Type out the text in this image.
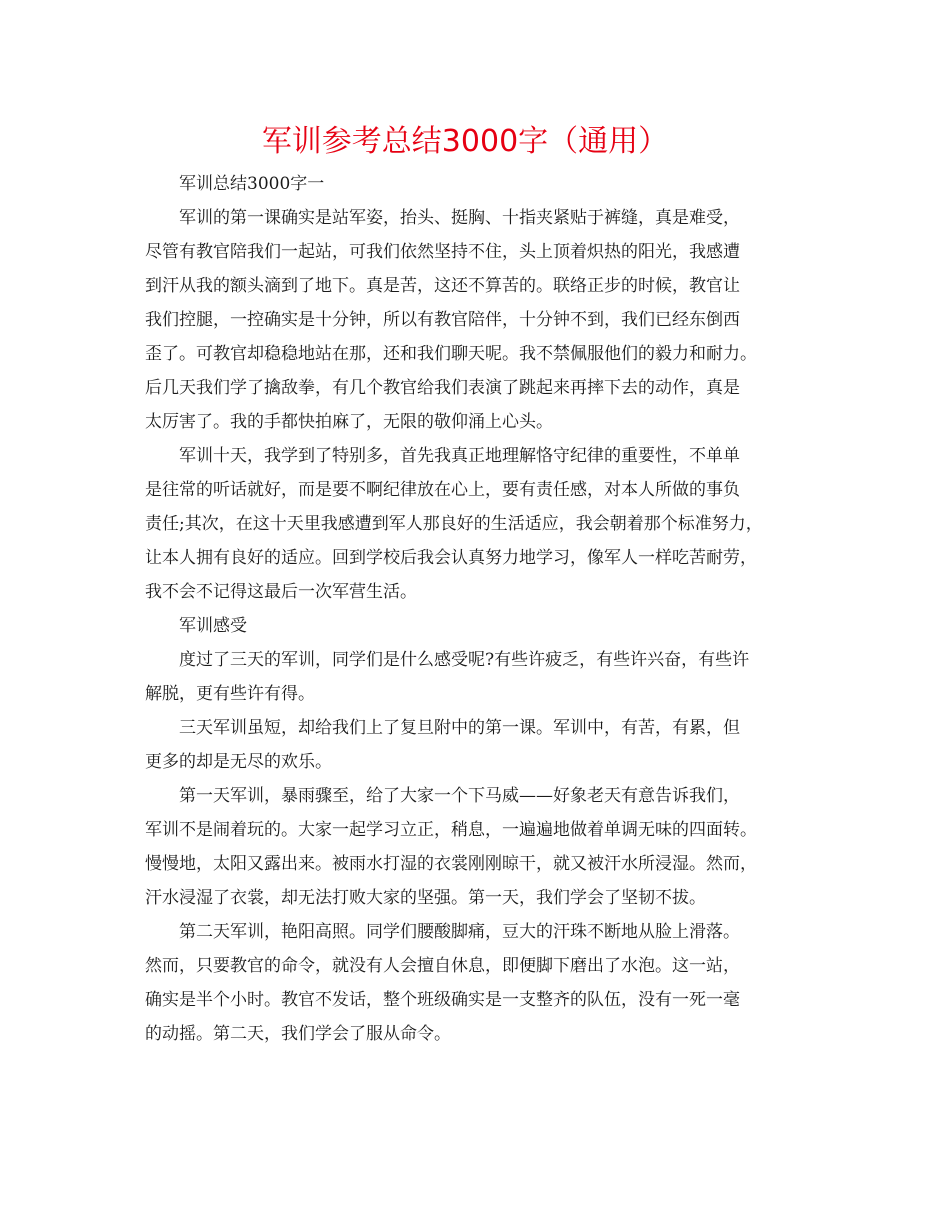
军训参考总结3000字（通用）
军训总结3000字一
军训的第一课确实是站军姿，抬头、挺胸、十指夹紧贴于裤缝，真是难受，
尽管有教官陪我们一起站，可我们依然坚持不住，头上顶着炽热的阳光，我感遭
到汗从我的额头滴到了地下。真是苦，这还不算苦的。联络正步的时候，教官让
我们控腿，一控确实是十分钟，所以有教官陪伴，十分钟不到，我们已经东倒西
歪了。可教官却稳稳地站在那，还和我们聊天呢。我不禁佩服他们的毅力和耐力。
后几天我们学了擒敌拳，有几个教官给我们表演了跳起来再摔下去的动作，真是
太厉害了。我的手都快拍麻了，无限的敬仰涌上心头。
军训十天，我学到了特别多，首先我真正地理解恪守纪律的重要性，不单单
是往常的听话就好，而是要不啊纪律放在心上，要有责任感，对本人所做的事负
责任;其次，在这十天里我感遭到军人那良好的生活适应，我会朝着那个标准努力，
让本人拥有良好的适应。回到学校后我会认真努力地学习，像军人一样吃苦耐劳，
我不会不记得这最后一次军营生活。
军训感受
度过了三天的军训，同学们是什么感受呢?有些许疲乏，有些许兴奋，有些许
解脱，更有些许有得。
三天军训虽短，却给我们上了复旦附中的第一课。军训中，有苦，有累，但
更多的却是无尽的欢乐。
第一天军训，暴雨骤至，给了大家一个下马威——好象老天有意告诉我们，
军训不是闹着玩的。大家一起学习立正，稍息，一遍遍地做着单调无味的四面转。
慢慢地，太阳又露出来。被雨水打湿的衣裳刚刚晾干，就又被汗水所浸湿。然而，
汗水浸湿了衣裳，却无法打败大家的坚强。第一天，我们学会了坚韧不拔。
第二天军训，艳阳高照。同学们腰酸脚痛，豆大的汗珠不断地从脸上滑落。
然而，只要教官的命令，就没有人会擅自休息，即便脚下磨出了水泡。这一站，
确实是半个小时。教官不发话，整个班级确实是一支整齐的队伍，没有一死一毫
的动摇。第二天，我们学会了服从命令。
